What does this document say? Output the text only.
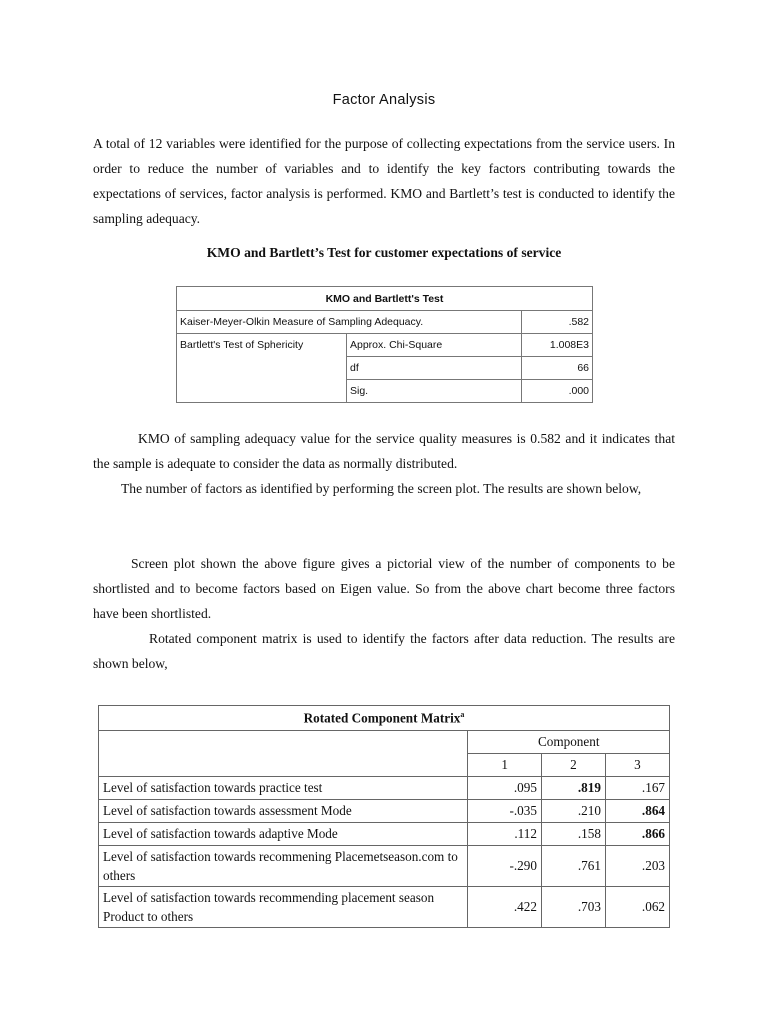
Factor Analysis
A total of 12 variables were identified for the purpose of collecting expectations from the service users. In order to reduce the number of variables and to identify the key factors contributing towards the expectations of services, factor analysis is performed. KMO and Bartlett’s test is conducted to identify the sampling adequacy.
KMO and Bartlett’s Test for customer expectations of service
KMO and Bartlett's Test		
Kaiser-Meyer-Olkin Measure of Sampling Adequacy.		.582
Bartlett's Test of Sphericity	Approx. Chi-Square	1.008E3
	df	66
	Sig.	.000
KMO of sampling adequacy value for the service quality measures is 0.582 and it indicates that the sample is adequate to consider the data as normally distributed.
The number of factors as identified by performing the screen plot. The results are shown below,
Screen plot shown the above figure gives a pictorial view of the number of components to be shortlisted and to become factors based on Eigen value. So from the above chart become three factors have been shortlisted.
Rotated component matrix is used to identify the factors after data reduction. The results are shown below,
Rotated Component Matrix$^a$
	Component		
	1	2	3
Level of satisfaction towards practice test	.095	.819	.167
Level of satisfaction towards assessment Mode	-.035	.210	.864
Level of satisfaction towards adaptive Mode	.112	.158	.866
Level of satisfaction towards recommening Placemetseason.com to others	-.290	.761	.203
Level of satisfaction towards recommending placement season Product to others	.422	.703	.062
